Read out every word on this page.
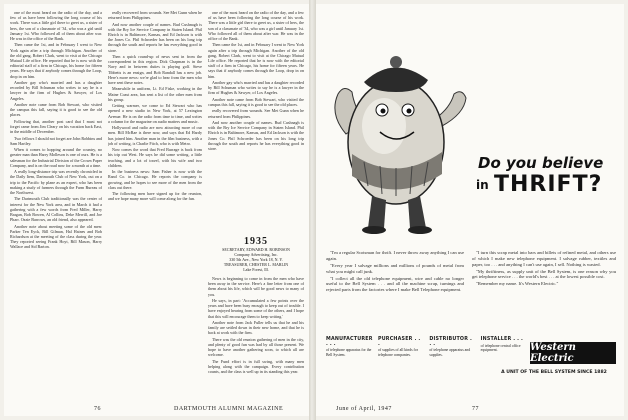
one of the most heard on the radio of the day, and a few of us have been following the long course of his work. There was a little girl there to greet us, a sister of hers, the son of a classmate of '34, who was a girl until January 1st. Who followed all of them about after war. He was in the office of the Bank.

Then came the 1st, and in February I went to New York again after a trip through Michigan. Another of the old gang, Robert Clark, went to visit at the Chicago Mutual Life office. He reported that he is now with the editorial staff of a firm in Chicago, his home for fifteen years. He says that if anybody comes through the Loop, drop in on him.

Another gay who's married and has a daughter recorded by Bill Schuman who writes to say he is a lawyer in the firm of Hughes & Sawyer, of Los Angeles.

Another note came from Bob Stewart, who visited the campus this fall, saying it is good to see the old places.

Following that, another post card that I must not forget came from Jim Cleary on his vacation back East, in the middle of December.

Two fellows I should not forget are John Robbins and Sam Hartley.

When it comes to hopping around the country, no greater man than Harry Molleson is one of ours. He is a salesman for the Industrial Division of the Crown Paper Company, and is on the road now for a month at a time.

A really long-distance trip was recently chronicled in the Daily Item, Dartmouth Club of New York, out on a trip to the Pacific by plane as an expert, who has been making a study of farmers through the Farm Bureau of the Northwest.

The Dartmouth Club traditionally was the center of interest for the New York area, and in March it had a gathering with a few words from Fred Miller, Harry Bragan, Bob Bowen, Al Collins, Deke Merrill, and Joe Pharr. Ozzie Barrows, an old friend, also appeared.

Another note about meeting some of the old men: Parker Ten Eyck, Bill Gilman, Hal Haines and Bob Richardson at the meeting of the class during the year. They reported seeing Frank Hoyt, Bill Mason, Harry Wallace and Sid Barton.

really recovered from wounds. See Met Gunn when he returned from Philippines.

And now another couple of names. Bud Cushnagh is with the Bry Ice Service Company in Staten Island. Phil Ehrich is in Baltimore, Kansas, and Ed Jackson is with the Jones Co. Phil Schroeder has been on his long trip through the south and reports he has everything good in store.

Then a quick round-up of news sent in from the correspondent in this region. Dick Chapman is in the Navy and in between duties is playing golf. Steve Tibbetts is an ensign, and Bob Randall has a new job. Here's more news: we're glad to hear from the men who have sent these notes.

Meanwhile in uniform, Lt. Ed Fiske, working in the Maine Coast area, has sent a list of the other men from his group.

Getting warmer, we come to Ed Stewart who has opened a new studio in New York, at 57 Lexington Avenue. He is on the radio from time to time, and writes a column for the magazine on audio matters and music.

Hollywood and radio are now attracting more of our men. Bill McRae is there now, and says that Ed Hardy has joined him. Another man in the film business, with a job of writing, is Charlie Fitch, who is with Metro.

Now comes the word that Fred Burrage is back from his trip out West. He says he did some writing, a little teaching, and a lot of travel, with his wife and two children.

In the business news: Sam Fisher is now with the Rand Co. in Chicago. He reports the company is growing, and he hopes to see more of the men from the class out there.

The following men have signed up for the reunion, and we hope many more will come along for the fun.

one of the most heard on the radio of the day, and a few of us have been following the long course of his work. There was a little girl there to greet us, a sister of hers, the son of a classmate of '34, who was a girl until January 1st. Who followed all of them about after war. He was in the office of the Bank.

Then came the 1st, and in February I went to New York again after a trip through Michigan. Another of the old gang, Robert Clark, went to visit at the Chicago Mutual Life office. He reported that he is now with the editorial staff of a firm in Chicago, his home for fifteen years. He says that if anybody comes through the Loop, drop in on him.

Another gay who's married and has a daughter recorded by Bill Schuman who writes to say he is a lawyer in the firm of Hughes & Sawyer, of Los Angeles.

Another note came from Bob Stewart, who visited the campus this fall, saying it is good to see the old places.

really recovered from wounds. See Met Gunn when he returned from Philippines.

And now another couple of names. Bud Cushnagh is with the Bry Ice Service Company in Staten Island. Phil Ehrich is in Baltimore, Kansas, and Ed Jackson is with the Jones Co. Phil Schroeder has been on his long trip through the south and reports he has everything good in store.

1935
SECRETARY, EDWARD H. ROBINSON
Company Advertising, Inc.
330 5th Ave., New York 18, N. Y.
TREASURER, CHESTER L. MARLIN
Lake Forest, Ill.

News is beginning to come in from the men who have been away in the service. Here's a fine letter from one of them about his life, which will be good news to many of you.

He says, in part: 'Accumulated a few points over the years and have been busy enough to keep out of trouble. I have enjoyed hearing from some of the others, and I hope that this will encourage them to keep writing.'

Another note from Jack Fuller tells us that he and his family are settled down in their new home, and that he is back at work with the firm.

There was the old reunion gathering of men in the city, and plenty of good fun was had by all those present. We hope to have another gathering soon, to which all are welcome.

The Fund effort is in full swing, with many men helping along with the campaign. Every contribution counts, and the class is well up in its standing this year.

76	DARTMOUTH ALUMNI MAGAZINE
Do you believe
in THRIFT?

"I'm a regular Scotsman for thrift. I never throw away anything I can use again.

"Every year I salvage millions and millions of pounds of metal from what you might call junk.

"I collect all the old telephone equipment, wire and cable no longer useful to the Bell System . . . and all the machine scrap, turnings and rejected parts from the factories where I make Bell Telephone equipment.

"I turn this scrap metal into bars and billets of refined metal, and others use of which I make new telephone equipment. I salvage rubber, textiles and paper, too . . . and anything I can't use again, I sell. Nothing is wasted.

"My thriftiness, as supply unit of the Bell System, is one reason why you get telephone service . . . the world's best . . . at the lowest possible cost.

"Remember my name. It's Western Electric."

MANUFACTURER . . .
of telephone apparatus for the Bell System.
PURCHASER . . .
of supplies of all kinds for telephone companies.
DISTRIBUTOR . . .
of telephone apparatus and supplies.
INSTALLER . . .
of telephone central office equipment.	Western Electric
A UNIT OF THE BELL SYSTEM SINCE 1882
June of April, 1947	77
